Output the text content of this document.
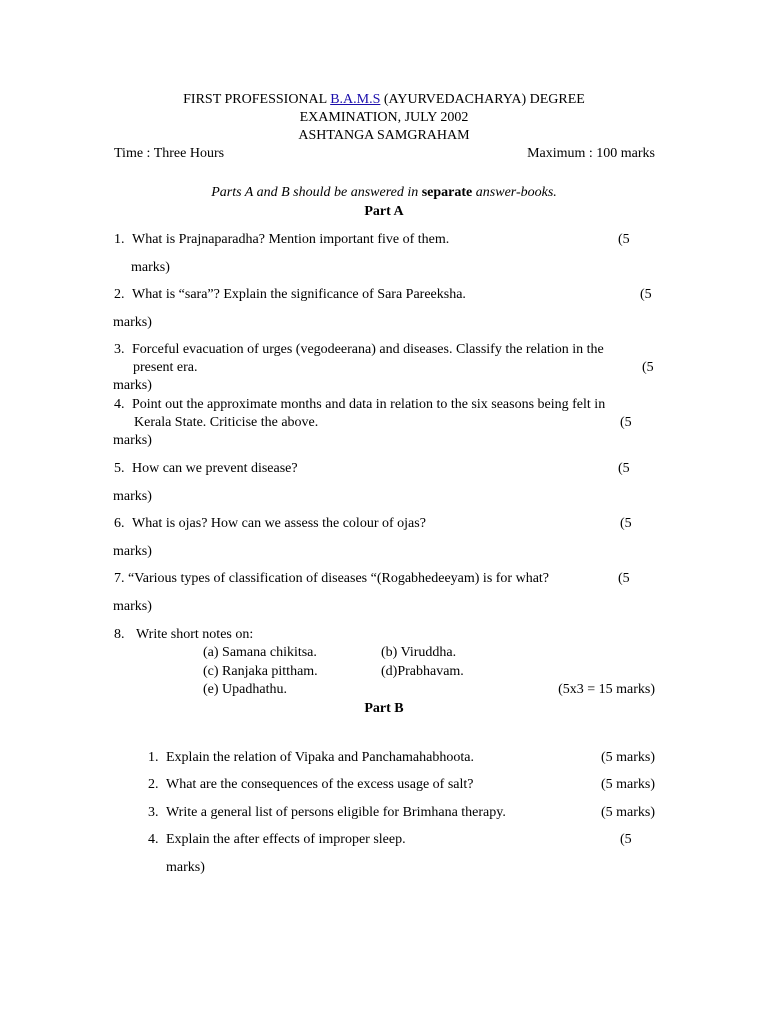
FIRST PROFESSIONAL B.A.M.S (AYURVEDACHARYA) DEGREE
EXAMINATION, JULY 2002
ASHTANGA SAMGRAHAM
Time : Three Hours	Maximum : 100 marks
Parts A and B should be answered in separate answer-books.
Part A
1. What is Prajnaparadha? Mention important five of them.	(5
marks)
2. What is “sara”? Explain the significance of Sara Pareeksha.	(5
marks)
3. Forceful evacuation of urges (vegodeerana) and diseases. Classify the relation in the
present era.	(5
marks)
4. Point out the approximate months and data in relation to the six seasons being felt in
Kerala State. Criticise the above.	(5
marks)
5. How can we prevent disease?	(5
marks)
6. What is ojas? How can we assess the colour of ojas?	(5
marks)
7. “Various types of classification of diseases “(Rogabhedeeyam) is for what?	(5
marks)
8. Write short notes on:
(a) Samana chikitsa.	(b) Viruddha.
(c) Ranjaka pittham.	(d)Prabhavam.
(e) Upadhathu.	(5x3 = 15 marks)
Part B
1. Explain the relation of Vipaka and Panchamahabhoota.	(5 marks)
2. What are the consequences of the excess usage of salt?	(5 marks)
3. Write a general list of persons eligible for Brimhana therapy.	(5 marks)
4. Explain the after effects of improper sleep.	(5
marks)
